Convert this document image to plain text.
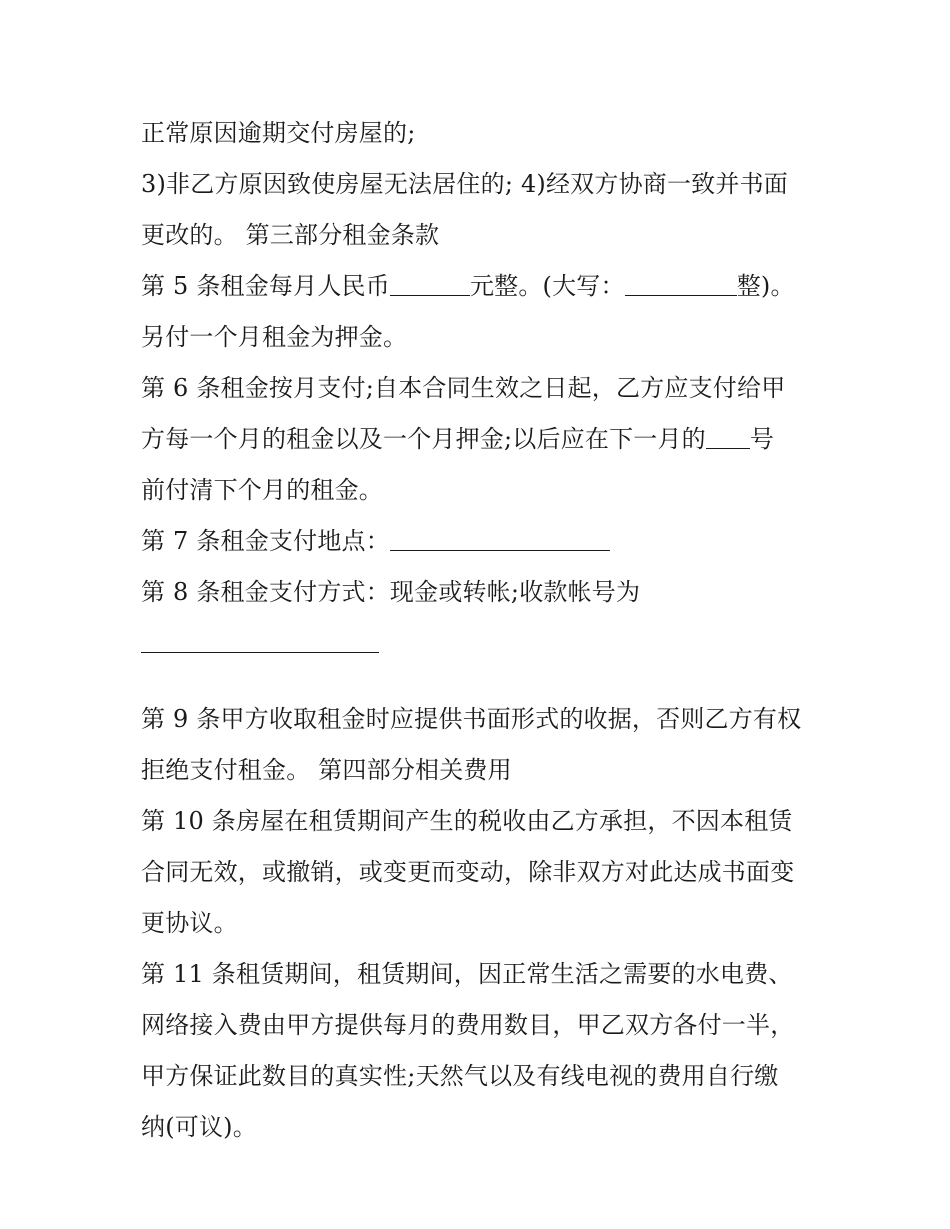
正常原因逾期交付房屋的;
3)非乙方原因致使房屋无法居住的; 4)经双方协商一致并书面
更改的。 第三部分租金条款
第 5 条租金每月人民币	元整。(大写：	整)。
另付一个月租金为押金。
第 6 条租金按月支付;自本合同生效之日起，乙方应支付给甲
方每一个月的租金以及一个月押金;以后应在下一月的 号
前付清下个月的租金。
第 7 条租金支付地点：
第 8 条租金支付方式：现金或转帐;收款帐号为
第 9 条甲方收取租金时应提供书面形式的收据，否则乙方有权
拒绝支付租金。 第四部分相关费用
第 10 条房屋在租赁期间产生的税收由乙方承担，不因本租赁
合同无效，或撤销，或变更而变动，除非双方对此达成书面变
更协议。
第 11 条租赁期间，租赁期间，因正常生活之需要的水电费、
网络接入费由甲方提供每月的费用数目，甲乙双方各付一半，
甲方保证此数目的真实性;天然气以及有线电视的费用自行缴
纳(可议)。
